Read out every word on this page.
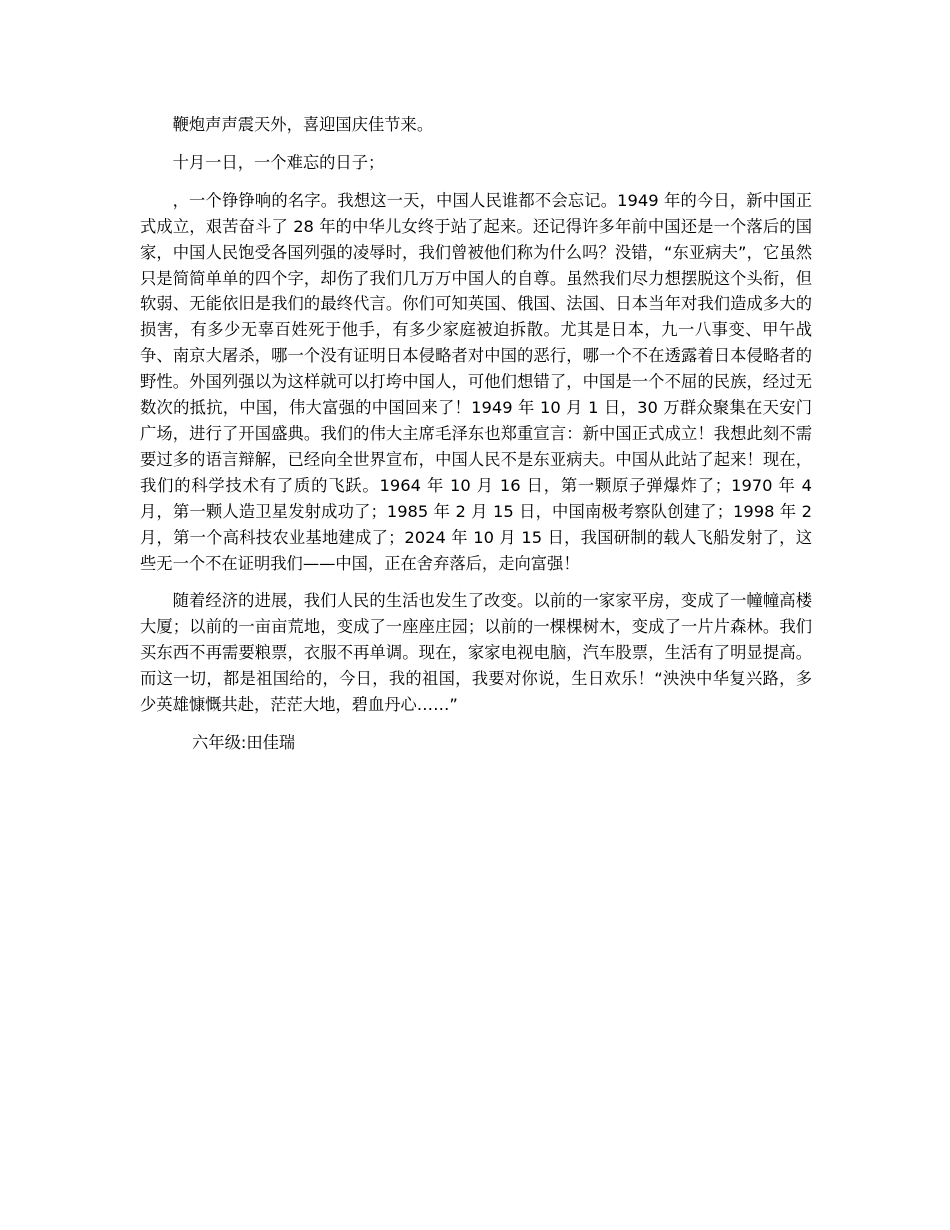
鞭炮声声震天外，喜迎国庆佳节来。

十月一日，一个难忘的日子；

，一个铮铮响的名字。我想这一天，中国人民谁都不会忘记。1949 年的今日，新中国正式成立，艰苦奋斗了 28 年的中华儿女终于站了起来。还记得许多年前中国还是一个落后的国家，中国人民饱受各国列强的凌辱时，我们曾被他们称为什么吗？没错，“东亚病夫”，它虽然只是简简单单的四个字，却伤了我们几万万中国人的自尊。虽然我们尽力想摆脱这个头衔，但软弱、无能依旧是我们的最终代言。你们可知英国、俄国、法国、日本当年对我们造成多大的损害，有多少无辜百姓死于他手，有多少家庭被迫拆散。尤其是日本，九一八事变、甲午战争、南京大屠杀，哪一个没有证明日本侵略者对中国的恶行，哪一个不在透露着日本侵略者的野性。外国列强以为这样就可以打垮中国人，可他们想错了，中国是一个不屈的民族，经过无数次的抵抗，中国，伟大富强的中国回来了！1949 年 10 月 1 日，30 万群众聚集在天安门广场，进行了开国盛典。我们的伟大主席毛泽东也郑重宣言：新中国正式成立！我想此刻不需要过多的语言辩解，已经向全世界宣布，中国人民不是东亚病夫。中国从此站了起来！现在，我们的科学技术有了质的飞跃。1964 年 10 月 16 日，第一颗原子弹爆炸了；1970 年 4 月，第一颗人造卫星发射成功了；1985 年 2 月 15 日，中国南极考察队创建了；1998 年 2 月，第一个高科技农业基地建成了；2024 年 10 月 15 日，我国研制的载人飞船发射了，这些无一个不在证明我们——中国，正在舍弃落后，走向富强！

随着经济的进展，我们人民的生活也发生了改变。以前的一家家平房，变成了一幢幢高楼大厦；以前的一亩亩荒地，变成了一座座庄园；以前的一棵棵树木，变成了一片片森林。我们买东西不再需要粮票，衣服不再单调。现在，家家电视电脑，汽车股票，生活有了明显提高。而这一切，都是祖国给的，今日，我的祖国，我要对你说，生日欢乐！“泱泱中华复兴路，多少英雄慷慨共赴，茫茫大地，碧血丹心……”

六年级:田佳瑞
